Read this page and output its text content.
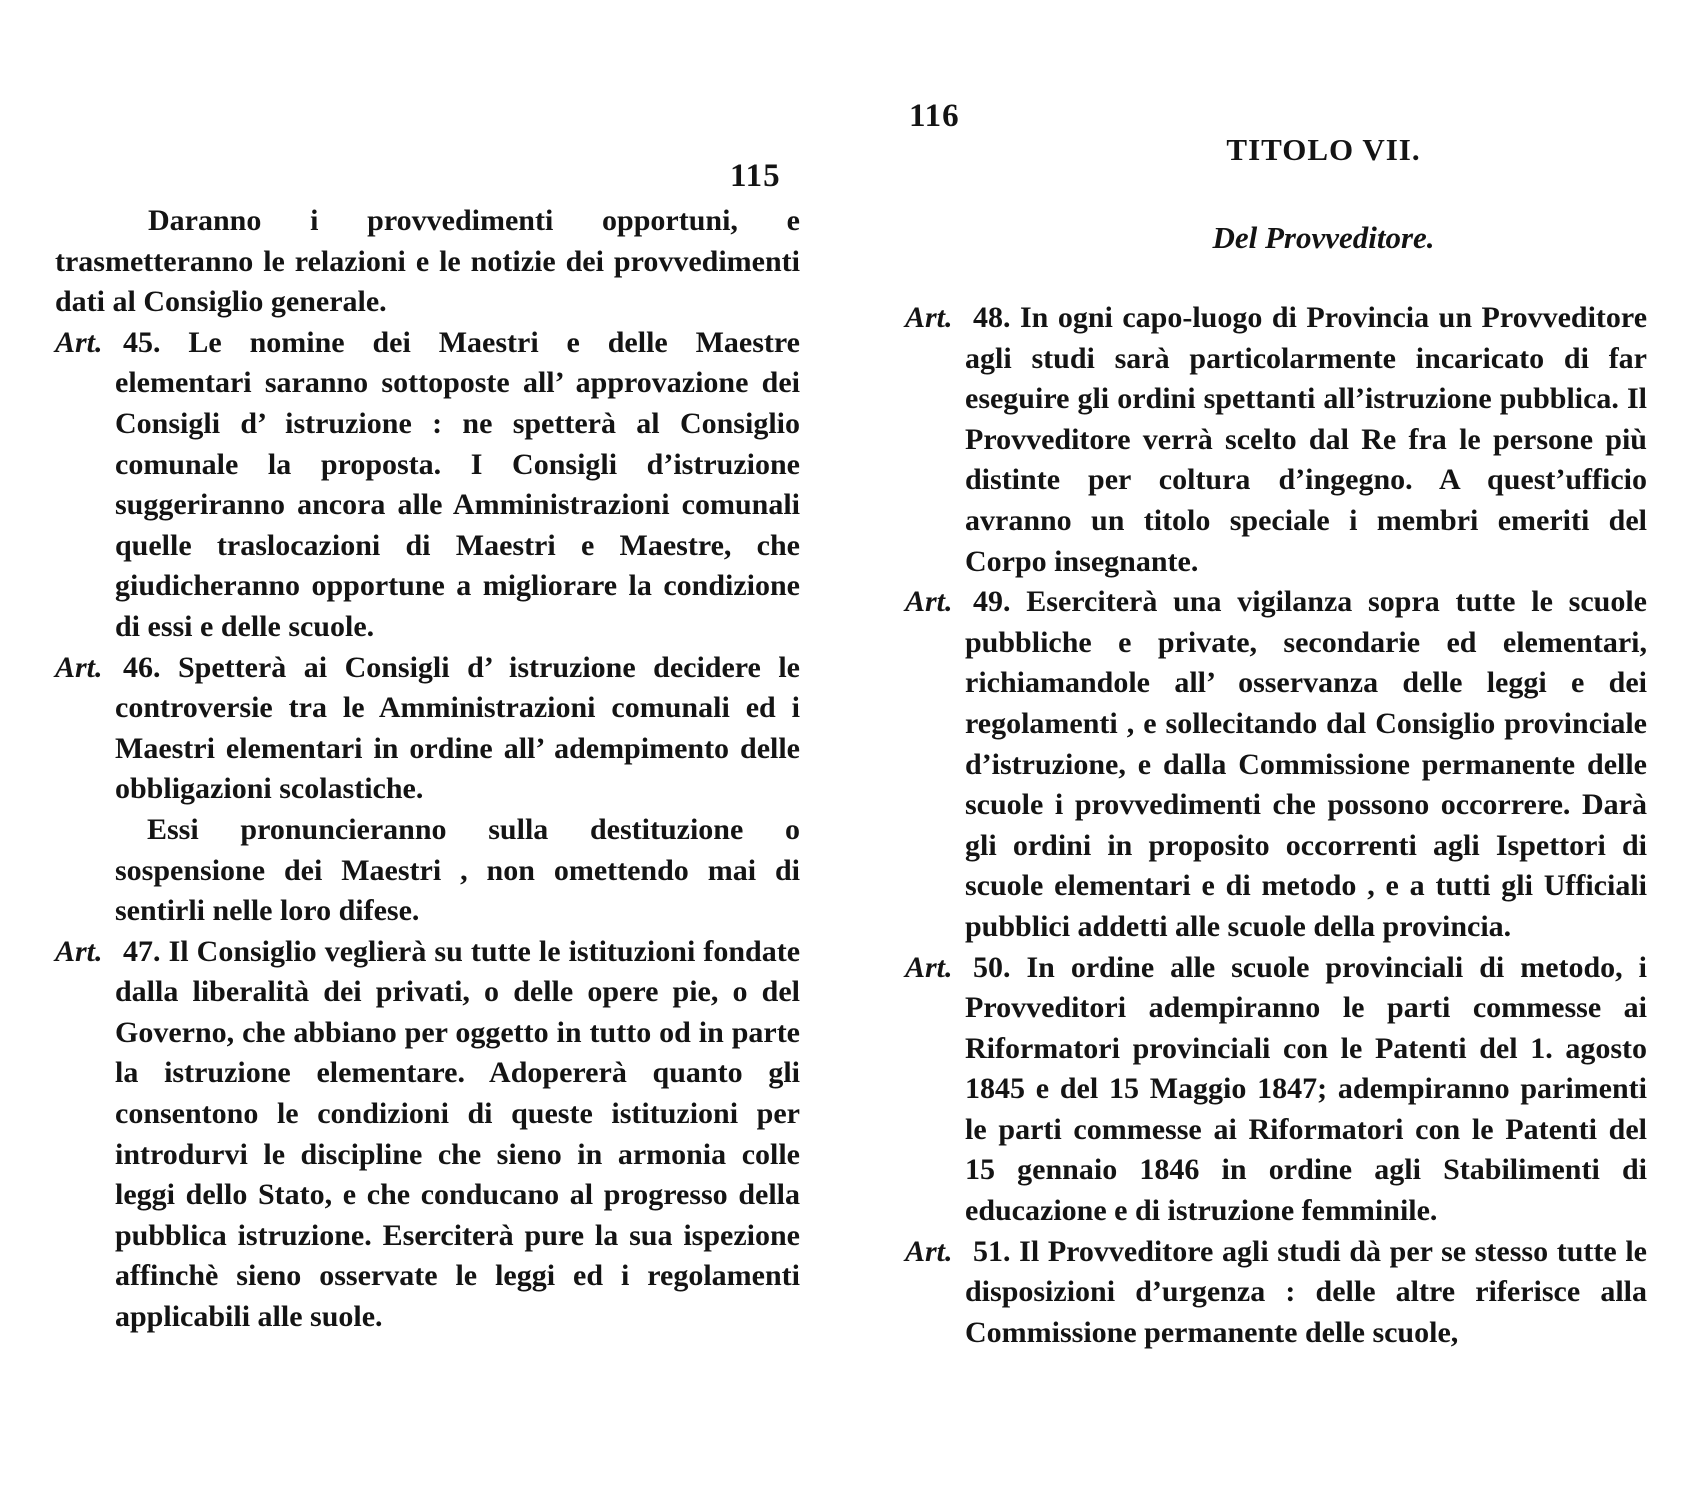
115

Daranno i provvedimenti opportuni, e trasmetteranno le relazioni e le notizie dei provvedimenti dati al Consiglio generale.

Art. 45. Le nomine dei Maestri e delle Maestre elementari saranno sottoposte all’ approvazione dei Consigli d’ istruzione : ne spetterà al Consiglio comunale la proposta. I Consigli d’istruzione suggeriranno ancora alle Amministrazioni comunali quelle traslocazioni di Maestri e Maestre, che giudicheranno opportune a migliorare la condizione di essi e delle scuole.

Art. 46. Spetterà ai Consigli d’ istruzione decidere le controversie tra le Amministrazioni comunali ed i Maestri elementari in ordine all’ adempimento delle obbligazioni scolastiche.

Essi pronuncieranno sulla destituzione o sospensione dei Maestri , non omettendo mai di sentirli nelle loro difese.

Art. 47. Il Consiglio veglierà su tutte le istituzioni fondate dalla liberalità dei privati, o delle opere pie, o del Governo, che abbiano per oggetto in tutto od in parte la istruzione elementare. Adopererà quanto gli consentono le condizioni di queste istituzioni per introdurvi le discipline che sieno in armonia colle leggi dello Stato, e che conducano al progresso della pubblica istruzione. Eserciterà pure la sua ispezione affinchè sieno osservate le leggi ed i regolamenti applicabili alle suole.

116
TITOLO VII.
Del Provveditore.

Art. 48. In ogni capo-luogo di Provincia un Provveditore agli studi sarà particolarmente incaricato di far eseguire gli ordini spettanti all’istruzione pubblica. Il Provveditore verrà scelto dal Re fra le persone più distinte per coltura d’ingegno. A quest’ufficio avranno un titolo speciale i membri emeriti del Corpo insegnante.

Art. 49. Eserciterà una vigilanza sopra tutte le scuole pubbliche e private, secondarie ed elementari, richiamandole all’ osservanza delle leggi e dei regolamenti , e sollecitando dal Consiglio provinciale d’istruzione, e dalla Commissione permanente delle scuole i provvedimenti che possono occorrere. Darà gli ordini in proposito occorrenti agli Ispettori di scuole elementari e di metodo , e a tutti gli Ufficiali pubblici addetti alle scuole della provincia.

Art. 50. In ordine alle scuole provinciali di metodo, i Provveditori adempiranno le parti commesse ai Riformatori provinciali con le Patenti del 1. agosto 1845 e del 15 Maggio 1847; adempiranno parimenti le parti commesse ai Riformatori con le Patenti del 15 gennaio 1846 in ordine agli Stabilimenti di educazione e di istruzione femminile.

Art. 51. Il Provveditore agli studi dà per se stesso tutte le disposizioni d’urgenza : delle altre riferisce alla Commissione permanente delle scuole,
